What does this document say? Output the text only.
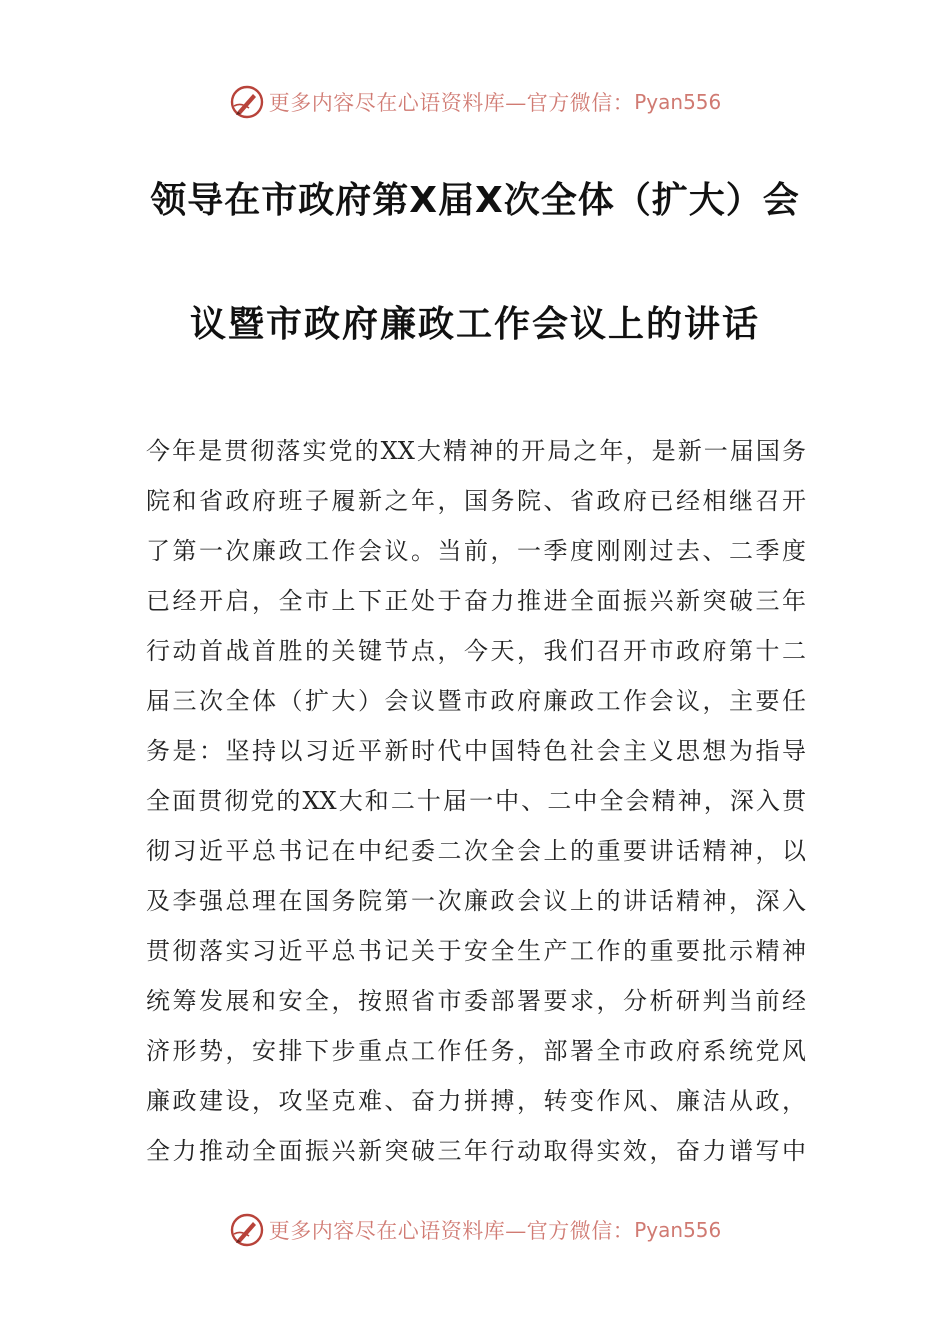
更多内容尽在心语资料库—官方微信： Pyan556
领导在市政府第X届X次全体（扩大）会
议暨市政府廉政工作会议上的讲话
今年是贯彻落实党的XX大精神的开局之年，是新一届国务
院和省政府班子履新之年，国务院、省政府已经相继召开
了第一次廉政工作会议。当前，一季度刚刚过去、二季度
已经开启，全市上下正处于奋力推进全面振兴新突破三年
行动首战首胜的关键节点，今天，我们召开市政府第十二
届三次全体（扩大）会议暨市政府廉政工作会议，主要任
务是：坚持以习近平新时代中国特色社会主义思想为指导
全面贯彻党的XX大和二十届一中、二中全会精神，深入贯
彻习近平总书记在中纪委二次全会上的重要讲话精神，以
及李强总理在国务院第一次廉政会议上的讲话精神，深入
贯彻落实习近平总书记关于安全生产工作的重要批示精神
统筹发展和安全，按照省市委部署要求，分析研判当前经
济形势，安排下步重点工作任务，部署全市政府系统党风
廉政建设，攻坚克难、奋力拼搏，转变作风、廉洁从政，
全力推动全面振兴新突破三年行动取得实效，奋力谱写中
更多内容尽在心语资料库—官方微信： Pyan556
